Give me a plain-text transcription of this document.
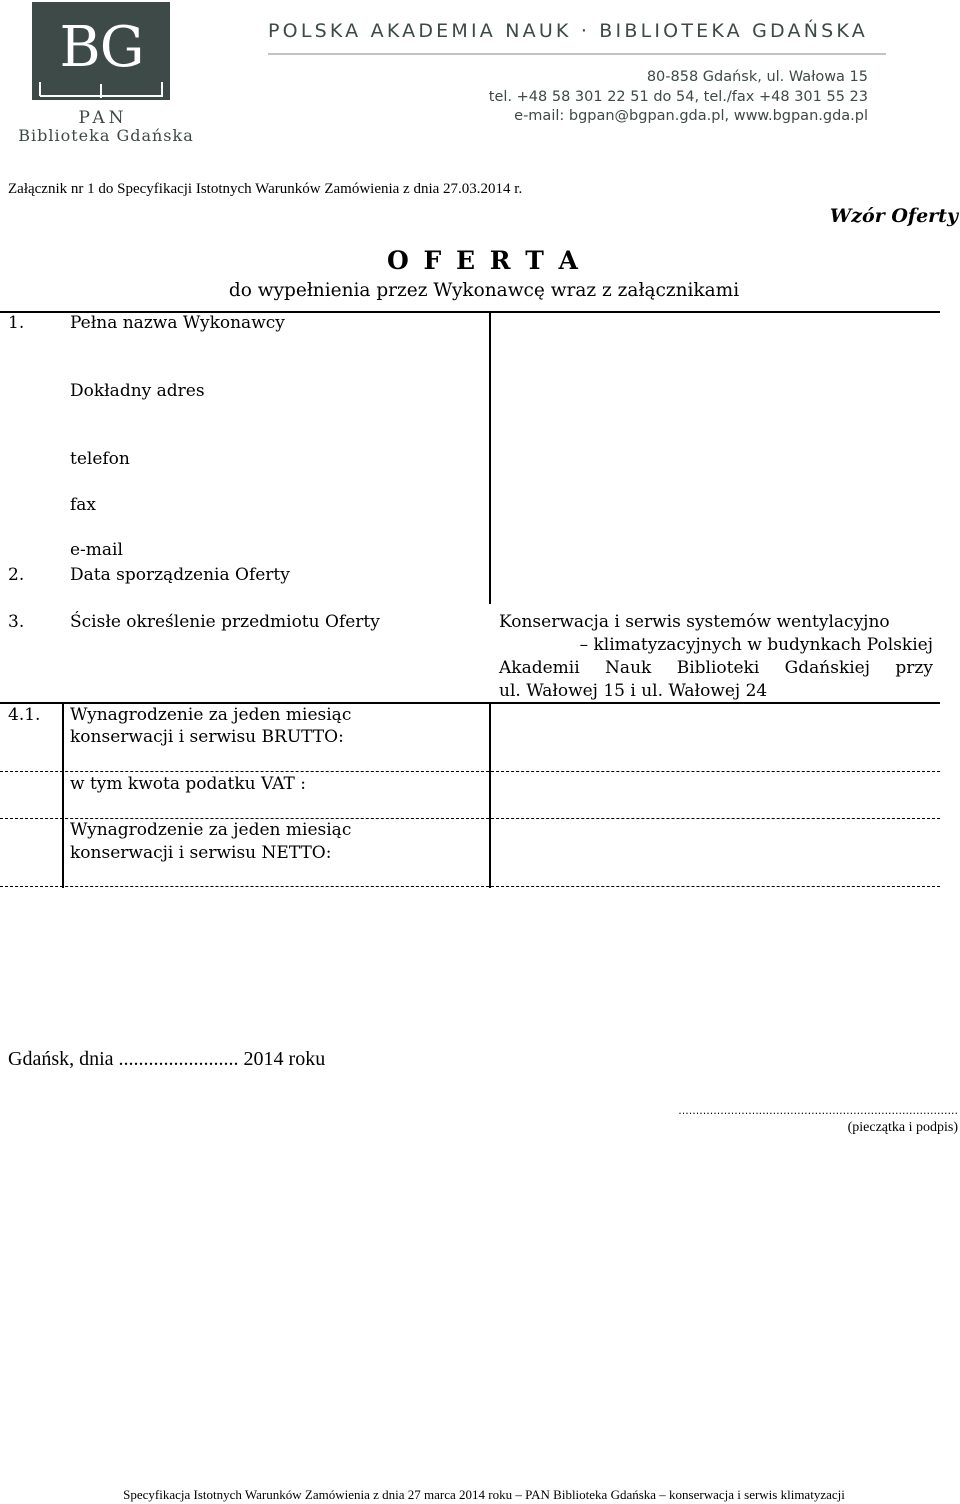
BG
PAN
Biblioteka Gdańska
POLSKA AKADEMIA NAUK · BIBLIOTEKA GDAŃSKA
80-858 Gdańsk, ul. Wałowa 15
tel. +48 58 301 22 51 do 54, tel./fax +48 301 55 23
e-mail: bgpan@bgpan.gda.pl, www.bgpan.gda.pl
Załącznik nr 1 do Specyfikacji Istotnych Warunków Zamówienia z dnia 27.03.2014 r.
Wzór Oferty
O F E R T A
do wypełnienia przez Wykonawcę wraz z załącznikami
1.	Pełna nazwa Wykonawcy
Dokładny adres
telefon
fax
e-mail
2.	Data sporządzenia Oferty
3.	Ścisłe określenie przedmiotu Oferty	Konserwacja i serwis systemów wentylacyjno
– klimatyzacyjnych w budynkach Polskiej
Akademii Nauk Biblioteki Gdańskiej przy
ul. Wałowej 15 i ul. Wałowej 24
4.1. Wynagrodzenie za jeden miesiąc
konserwacji i serwisu BRUTTO:
w tym kwota podatku VAT :
Wynagrodzenie za jeden miesiąc
konserwacji i serwisu NETTO:
Gdańsk, dnia ........................ 2014 roku
................................................................................
(pieczątka i podpis)
Specyfikacja Istotnych Warunków Zamówienia z dnia 27 marca 2014 roku – PAN Biblioteka Gdańska – konserwacja i serwis klimatyzacji
